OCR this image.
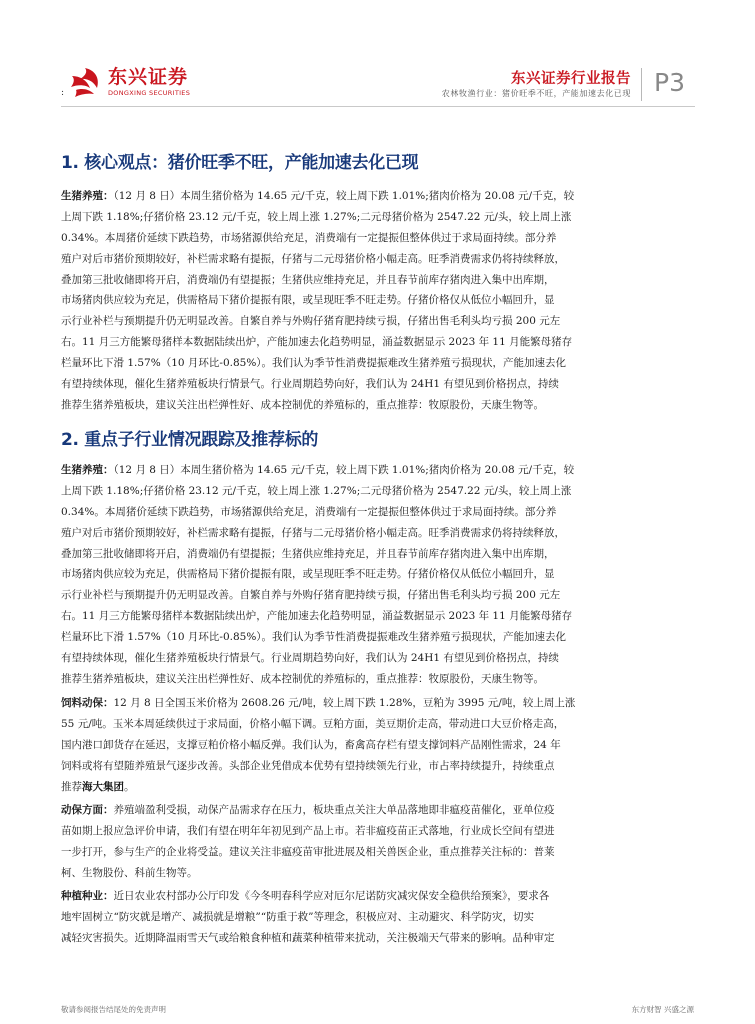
东兴证券
DONGXING SECURITIES
:
东兴证券行业报告
农林牧渔行业：猪价旺季不旺，产能加速去化已现 P3
1. 核心观点：猪价旺季不旺，产能加速去化已现

生猪养殖：（12 月 8 日）本周生猪价格为 14.65 元/千克，较上周下跌 1.01%;猪肉价格为 20.08 元/千克，较
上周下跌 1.18%;仔猪价格 23.12 元/千克，较上周上涨 1.27%;二元母猪价格为 2547.22 元/头，较上周上涨
0.34%。本周猪价延续下跌趋势，市场猪源供给充足，消费端有一定提振但整体供过于求局面持续。部分养
殖户对后市猪价预期较好，补栏需求略有提振，仔猪与二元母猪价格小幅走高。旺季消费需求仍将持续释放，
叠加第三批收储即将开启，消费端仍有望提振；生猪供应维持充足，并且春节前库存猪肉进入集中出库期，
市场猪肉供应较为充足，供需格局下猪价提振有限，或呈现旺季不旺走势。仔猪价格仅从低位小幅回升，显
示行业补栏与预期提升仍无明显改善。自繁自养与外购仔猪育肥持续亏损，仔猪出售毛利头均亏损 200 元左
右。11 月三方能繁母猪样本数据陆续出炉，产能加速去化趋势明显，涌益数据显示 2023 年 11 月能繁母猪存
栏量环比下滑 1.57%（10 月环比-0.85%）。我们认为季节性消费提振难改生猪养殖亏损现状，产能加速去化
有望持续体现，催化生猪养殖板块行情景气。行业周期趋势向好，我们认为 24H1 有望见到价格拐点，持续
推荐生猪养殖板块，建议关注出栏弹性好、成本控制优的养殖标的，重点推荐：牧原股份，天康生物等。

2. 重点子行业情况跟踪及推荐标的

生猪养殖：（12 月 8 日）本周生猪价格为 14.65 元/千克，较上周下跌 1.01%;猪肉价格为 20.08 元/千克，较
上周下跌 1.18%;仔猪价格 23.12 元/千克，较上周上涨 1.27%;二元母猪价格为 2547.22 元/头，较上周上涨
0.34%。本周猪价延续下跌趋势，市场猪源供给充足，消费端有一定提振但整体供过于求局面持续。部分养
殖户对后市猪价预期较好，补栏需求略有提振，仔猪与二元母猪价格小幅走高。旺季消费需求仍将持续释放，
叠加第三批收储即将开启，消费端仍有望提振；生猪供应维持充足，并且春节前库存猪肉进入集中出库期，
市场猪肉供应较为充足，供需格局下猪价提振有限，或呈现旺季不旺走势。仔猪价格仅从低位小幅回升，显
示行业补栏与预期提升仍无明显改善。自繁自养与外购仔猪育肥持续亏损，仔猪出售毛利头均亏损 200 元左
右。11 月三方能繁母猪样本数据陆续出炉，产能加速去化趋势明显，涌益数据显示 2023 年 11 月能繁母猪存
栏量环比下滑 1.57%（10 月环比-0.85%）。我们认为季节性消费提振难改生猪养殖亏损现状，产能加速去化
有望持续体现，催化生猪养殖板块行情景气。行业周期趋势向好，我们认为 24H1 有望见到价格拐点，持续
推荐生猪养殖板块，建议关注出栏弹性好、成本控制优的养殖标的，重点推荐：牧原股份，天康生物等。

饲料动保：12 月 8 日全国玉米价格为 2608.26 元/吨，较上周下跌 1.28%，豆粕为 3995 元/吨，较上周上涨
55 元/吨。玉米本周延续供过于求局面，价格小幅下调。豆粕方面，美豆期价走高，带动进口大豆价格走高，
国内港口卸货存在延迟，支撑豆粕价格小幅反弹。我们认为，畜禽高存栏有望支撑饲料产品刚性需求，24 年
饲料或将有望随养殖景气逐步改善。头部企业凭借成本优势有望持续领先行业，市占率持续提升，持续重点
推荐海大集团。

动保方面：养殖端盈利受损，动保产品需求存在压力，板块重点关注大单品落地即非瘟疫苗催化，亚单位疫
苗如期上报应急评价申请，我们有望在明年年初见到产品上市。若非瘟疫苗正式落地，行业成长空间有望进
一步打开，参与生产的企业将受益。建议关注非瘟疫苗审批进展及相关兽医企业，重点推荐关注标的：普莱
柯、生物股份、科前生物等。

种植种业：近日农业农村部办公厅印发《今冬明春科学应对厄尔尼诺防灾减灾保安全稳供给预案》，要求各
地牢固树立“防灾就是增产、减损就是增粮”“防重于救”等理念，积极应对、主动避灾、科学防灾，切实
减轻灾害损失。近期降温雨雪天气或给粮食种植和蔬菜种植带来扰动，关注极端天气带来的影响。品种审定

敬请参阅报告结尾处的免责声明	东方财智 兴盛之源
